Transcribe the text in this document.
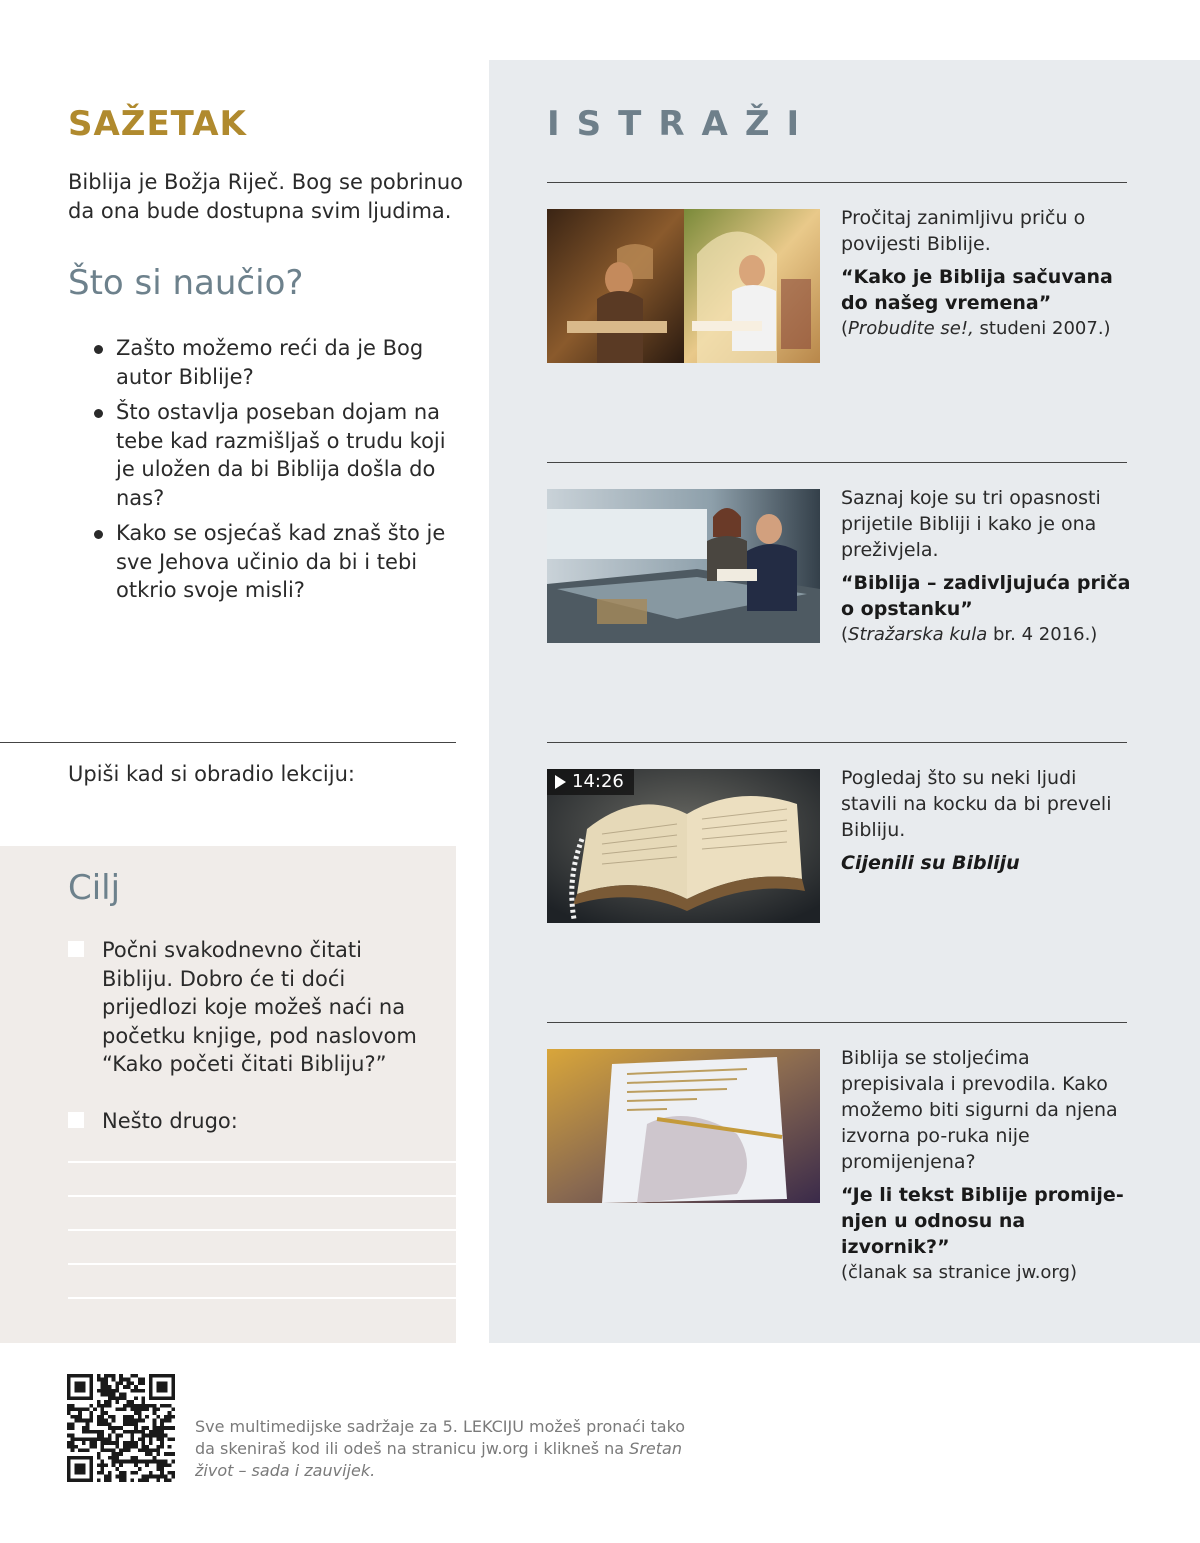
SAŽETAK

Biblija je Božja Riječ. Bog se pobrinuo da ona bude dostupna svim ljudima.

Što si naučio?
Zašto možemo reći da je Bog autor Biblije?
Što ostavlja poseban dojam na tebe kad razmišljaš o trudu koji je uložen da bi Biblija došla do nas?
Kako se osjećaš kad znaš što je sve Jehova učinio da bi i tebi otkrio svoje misli?

Upiši kad si obradio lekciju:

Cilj
Počni svakodnevno čitati Bibliju. Dobro će ti doći prijedlozi koje možeš naći na početku knjige, pod naslovom “Kako početi čitati Bibliju?”
Nešto drugo:
ISTRAŽI

Pročitaj zanimljivu priču o povijesti Biblije.

“Kako je Biblija sačuvana do našeg vremena”

(Probudite se!, studeni 2007.)

Saznaj koje su tri opasnosti prijetile Bibliji i kako je ona preživjela.

“Biblija – zadivljujuća priča o opstanku”

(Stražarska kula br. 4 2016.)

14:26	Pogledaj što su neki ljudi stavili na kocku da bi preveli Bibliju.

Cijenili su Bibliju

Biblija se stoljećima prepisivala i prevodila. Kako možemo biti sigurni da njena izvorna po-ruka nije promijenjena?

“Je li tekst Biblije promije-njen u odnosu na izvornik?”

(članak sa stranice jw.org)

Sve multimedijske sadržaje za 5. LEKCIJU možeš pronaći tako da skeniraš kod ili odeš na stranicu jw.org i klikneš na Sretan život – sada i zauvijek.
